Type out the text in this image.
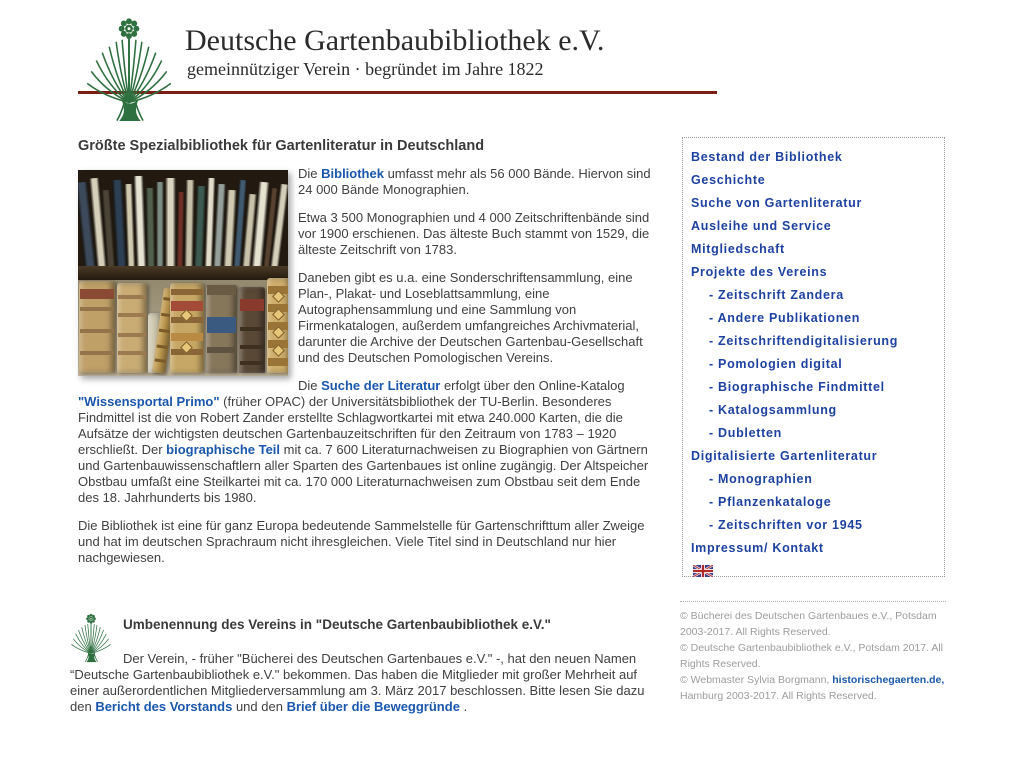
Deutsche Gartenbaubibliothek e.V.
gemeinnütziger Verein · begründet im Jahre 1822
Größte Spezialbibliothek für Gartenliteratur in Deutschland

Die Bibliothek umfasst mehr als 56 000 Bände. Hiervon sind 24 000 Bände Monographien.

Etwa 3 500 Monographien und 4 000 Zeitschriftenbände sind vor 1900 erschienen. Das älteste Buch stammt von 1529, die älteste Zeitschrift von 1783.

Daneben gibt es u.a. eine Sonderschriftensammlung, eine Plan-, Plakat- und Loseblattsammlung, eine Autographensammlung und eine Sammlung von Firmenkatalogen, außerdem umfangreiches Archivmaterial, darunter die Archive der Deutschen Gartenbau-Gesellschaft und des Deutschen Pomologischen Vereins.

Die Suche der Literatur erfolgt über den Online-Katalog "Wissensportal Primo" (früher OPAC) der Universitätsbibliothek der TU-Berlin. Besonderes Findmittel ist die von Robert Zander erstellte Schlagwortkartei mit etwa 240.000 Karten, die die Aufsätze der wichtigsten deutschen Gartenbauzeitschriften für den Zeitraum von 1783 – 1920 erschließt. Der biographische Teil mit ca. 7 600 Literaturnachweisen zu Biographien von Gärtnern und Gartenbauwissenschaftlern aller Sparten des Gartenbaues ist online zugängig. Der Altspeicher Obstbau umfaßt eine Steilkartei mit ca. 170 000 Literaturnachweisen zum Obstbau seit dem Ende des 18. Jahrhunderts bis 1980.

Die Bibliothek ist eine für ganz Europa bedeutende Sammelstelle für Gartenschrifttum aller Zweige und hat im deutschen Sprachraum nicht ihresgleichen. Viele Titel sind in Deutschland nur hier nachgewiesen.

Bestand der Bibliothek
Geschichte
Suche von Gartenliteratur
Ausleihe und Service
Mitgliedschaft
Projekte des Vereins
- Zeitschrift Zandera
- Andere Publikationen
- Zeitschriftendigitalisierung
- Pomologien digital
- Biographische Findmittel
- Katalogsammlung
- Dubletten
Digitalisierte Gartenliteratur
- Monographien
- Pflanzenkataloge
- Zeitschriften vor 1945
Impressum/ Kontakt
Umbenennung des Vereins in "Deutsche Gartenbaubibliothek e.V."

Der Verein, - früher "Bücherei des Deutschen Gartenbaues e.V." -, hat den neuen Namen “Deutsche Gartenbaubibliothek e.V." bekommen. Das haben die Mitglieder mit großer Mehrheit auf einer außerordentlichen Mitgliederversammlung am 3. März 2017 beschlossen. Bitte lesen Sie dazu den Bericht des Vorstands und den Brief über die Beweggründe .

© Bücherei des Deutschen Gartenbaues e.V., Potsdam 2003-2017. All Rights Reserved.
© Deutsche Gartenbaubibliothek e.V., Potsdam 2017. All Rights Reserved.
© Webmaster Sylvia Borgmann, historischegaerten.de, Hamburg 2003-2017. All Rights Reserved.
